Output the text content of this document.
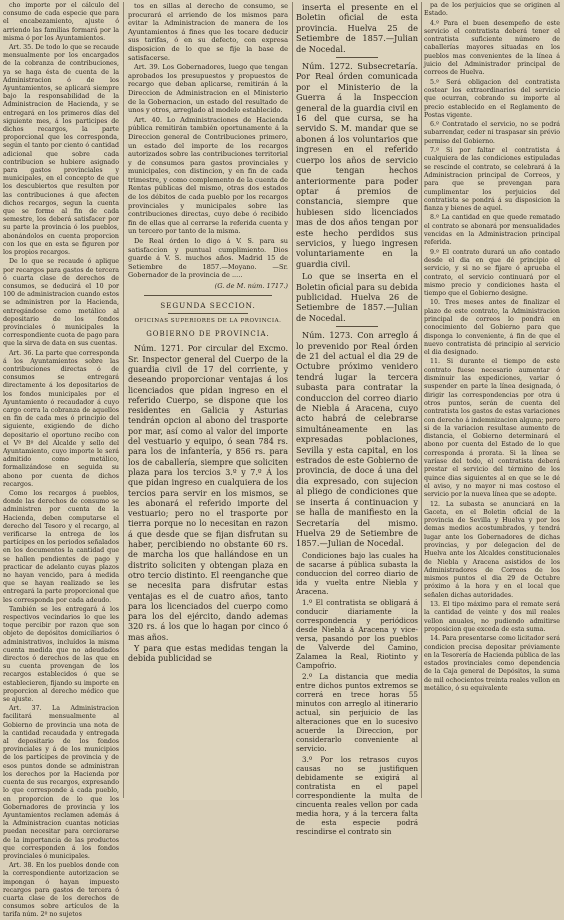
cho importe por el cálculo del consumo de cada especie que para el encabezamiento, ajuste ó arriendo las familias formará por la misma ó por los Ayuntamientos.

Art. 35. De todo lo que se recaude mensualmente por los encargados de la cobranza de contribuciones, ya se haga ésta de cuenta de la Administracion ó de los Ayuntamientos, se aplicará siempre bajo la responsabilidad de la Administracion de Hacienda, y se entregará en los primeros días del siguiente mes, á los participes de dichos recargos, la parte proporcional que les corresponda, según el tanto por ciento ó cantidad adicional que sobre cada contribucion se hubiere asignado para gastos provinciales y municipales, en el concepto de que los descubiertos que resulten por las contribuciones á que afecten dichos recargos, segun la cuenta que se forme al fin de cada semestre, los deberá satisfacer por su parte la provincia ó los pueblos, abonándolos en cuenta proporcion con los que en esta se figuren por los propios recargos.

De lo que se recaude ó aplique por recargos para gastos de tercera ó cuarta clase de derechos de consumos, se deducirá el 10 por 100 de administracion cuando estos se administren por la Hacienda, entregándose como metálico al depositario de los fondos provinciales ó municipales la correspondiente cuota de pago para que la sirva de data en sus cuentas.

Art. 36. La parte que corresponda á los Ayuntamientos sobre las contribuciones directas ó de consumos se entregará directamente á los depositarios de los fondos municipales por el Ayuntamiento ó recaudador á cuyo cargo corra la cobranza de aquellos en fin de cada mes ó principio del siguiente, exigiendo de dicho depositario el oportuno recibo con el Vº Bº del Alcalde y sello del Ayuntamiento, cuyo importe le será admitido como metálico, formalizándose en seguida su abono por cuenta de dichos recargos.

Como los recargos á pueblos, donde las derechos de consumo se administren por cuenta de la Hacienda, deben computarse el derecho del Tesoro y el recargo, al verificarse la entrega de los partícipes en los periodos señalados en los documentos la cantidad que se hallen pendientes de pago y practicar de adelanto cuyas plazos no hayan vencido, para á medida que se hayan realizado se les entregará la parte proporcional que les corresponda por cada adeudo.

También se les entregará á los respectivos vecindarios lo que les toque percibir por razon que son objeto de depósitos domiciliarios ó administrativos, incluídos la misma cuenta medida que no adeudados directos ó derechos de las que en su cuenta provengan de los recargos establecidos ó que se establecieren, fijando su importe en proporcion al derecho médico que se ajuste.

Art. 37. La Administracion facilitará mensualmente al Gobierno de provincia una nota de la cantidad recaudada y entregada al depositario de los fondos provinciales y á de los municipios de los partícipes de provincia y de esos puntos donde se administran los derechos por la Hacienda por cuenta de sus recargos, expresando lo que corresponde á cada pueblo, en proporcion de lo que los Gobernadores de provincia y los Ayuntamientos reclamen además á la Administracion cuantas noticias puedan necesitar para cerciorarse de la importancia de las productos que corresponden á los fondos provinciales ó municipales.

Art. 38. En los pueblos donde con la correspondiente autorizacion se impongan ó hayan impuesto recargos para gastos de tercera ó cuarta clase de los derechos de consumos sobre artículos de la tarifa núm. 2º no sujetos

tos en sillas al derecho de consumo, se procurará el arriendo de los mismos para evitar la Administracion de manera de los Ayuntamientos á fines que les tocare deducir sus tarifas, ó en su defecto, con expresa disposicion de lo que se fije la base de satisfacerse.

Art. 39. Los Gobernadores, luego que tengan aprobados los presupuestos y propuestos de recargo que deban aplicarse, remitirán á la Direccion de Administracion en el Ministerio de la Gobernacion, un estado del resultado de unos y otros, arreglado al modelo establecido.

Art. 40. Lo Administraciones de Hacienda pública remitirán también oportunamente á la Direccion general de Contribuciones primero, un estado del importe de los recargos autorizados sobre las contribuciones territorial y de consumos para gastos provinciales y municipales, con distincion, y en fin de cada trimestre, y como complemento de la cuenta de Rentas públicas del mismo, otras dos estados de los débitos de cada pueblo por los recargos provinciales y municipales sobre las contribuciones directas, cuyo debe ó recibido fin de ellas que al cerrarse la referida cuenta y un tercero por tanto de la misma.

De Real órden lo digo á V. S. para su satisfaccion y puntual cumplimiento. Dios guarde á V. S. muchos años. Madrid 15 de Setiembre de 1857.—Moyano. —Sr. Gobernador de la provincia de .....

(G. de M. núm. 1717.)
SEGUNDA SECCION.
OFICINAS SUPERIORES DE LA PROVINCIA.
GOBIERNO DE PROVINCIA.

Núm. 1271. Por circular del Excmo. Sr. Inspector general del Cuerpo de la guardia civil de 17 del corriente, y deseando proporcionar ventajas á los licenciados que pidan ingreso en el referido Cuerpo, se dispone que los residentes en Galicia y Asturias tendrán opcion al abono del trasporte por mar, así como al valor del importe del vestuario y equipo, ó sean 784 rs. para los de infantería, y 856 rs. para los de caballería, siempre que soliciten plaza para los tercios 3.º y 7.º Á los que pidan ingreso en cualquiera de los tercios para servir en los mismos, se les abonará el referido importe del vestuario; pero no el trasporte por tierra porque no lo necesitan en razon á que desde que se fijan disfrutan su haber, percibiendo no obstante 60 rs. de marcha los que hallándose en un distrito soliciten y obtengan plaza en otro tercio distinto. El reenganche que se necesita para disfrutar estas ventajas es el de cuatro años, tanto para los licenciados del cuerpo como para los del ejército, dando ademas 320 rs. á los que lo hagan por cinco ó mas años.

Y para que estas medidas tengan la debida publicidad se

inserta el presente en el Boletin oficial de esta provincia. Huelva 25 de Setiembre de 1857.—Julian de Nocedal.

Núm. 1272. Subsecretaría. Por Real órden comunicada por el Ministerio de la Guerra á la Inspeccion general de la guardia civil en 16 del que cursa, se ha servido S. M. mandar que se abonen á los voluntarios que ingresen en el referido cuerpo los años de servicio que tengan hechos anteriormente para poder optar á premios de constancia, siempre que hubiesen sido licenciados mas de dos años tengan por este hecho perdidos sus servicios, y luego ingresen voluntariamente en la guardia civil.

Lo que se inserta en el Boletin oficial para su debida publicidad. Huelva 26 de Setiembre de 1857.—Julian de Nocedal.

Núm. 1273. Con arreglo á lo prevenido por Real órden de 21 del actual el dia 29 de Octubre próximo venidero tendrá lugar la tercera subasta para contratar la conduccion del correo diario de Niebla á Aracena, cuyo acto habrá de celebrarse simultáneamente en las expresadas poblaciones, Sevilla y esta capital, en los estrados de este Gobierno de provincia, de doce á una del dia expresado, con sujecion al pliego de condiciones que se inserta á continuacion y se halla de manifiesto en la Secretaría del mismo. Huelva 29 de Setiembre de 1857.—Julian de Nocedal.

Condiciones bajo las cuales ha de sacarse á pública subasta la conduccion del correo diario de ida y vuelta entre Niebla y Aracena.

1.º El contratista se obligará á conducir diariamente la correspondencia y periódicos desde Niebla á Aracena y vice-versa, pasando por los pueblos de Valverde del Camino, Zalamea la Real, Riotinto y Campofrio.

2.º La distancia que media entre dichos puntos extremos se correrá en trece horas 55 minutos con arreglo al itinerario actual, sin perjuicio de las alteraciones que en lo sucesivo acuerde la Direccion, por considerarlo conveniente al servicio.

3.º Por los retrasos cuyos causas no se justifiquen debidamente se exigirá al contratista en el papel correspondiente la multa de cincuenta reales vellon por cada media hora, y á la tercera falta de esta especie podrá rescindirse el contrato sin

pa de los perjuicios que se originen al Estado.
4.º Para el buen desempeño de este servicio el contratista deberá tener el contratista suficiente número de caballerías mayores situadas en los pueblos mas convenientes de la línea á juicio del Administrador principal de correos de Huelva.
5.º Será obligacion del contratista costear los extraordinarios del servicio que ocurran, cobrando su importe al precio establecido en el Reglamento de Postas vigente.
6.º Contratado el servicio, no se podrá subarrendar, ceder ni traspasar sin prévio permiso del Gobierno.
7.º Si por faltar el contratista á cualquiera de las condiciones estipuladas se rescinde el contrato, se celebrará á la Administracion principal de Correos, y para que se prevengan para cumplimentar los perjuicios del contratista se pondrá á su disposicion la fianza y bienes de aquel.
8.º La cantidad en que quede rematado el contrato se abonará por mensualidades vencidas en la Administracion principal referida.
9.º El contrato durará un año contado desde el dia en que dé principio el servicio, y si no se fijare ó aprueba el contrato, el servicio continuará por el mismo precio y condiciones hasta el tiempo que el Gobierno designe.
10. Tres meses antes de finalizar el plazo de este contrato, la Administracion principal de correos lo pondrá en conocimiento del Gobierno para que disponga lo conveniente, á fin de que el nuevo contratista dé principio al servicio el dia designado.
11. Si durante el tiempo de este contrato fuese necesario aumentar ó disminuir las expediciones, variar ó suspender en parte la línea designada, ó dirigir las correspondencias por otra ú otros puntos, serán de cuenta del contratista los gastos de estas variaciones con derecho á indemnizacion alguna; pero si de la variacion resultase aumento de distancia, el Gobierno determinará el abono por cuenta del Estado de lo que corresponda á prorata. Si la línea se varíase del todo, el contratista deberá prestar el servicio del término de los quince dias siguientes al en que se le dé el aviso, y no mayor ni mas costoso el servicio por la nueva línea que se adopte.
12. La subasta se anunciará en la Gaceta, en el Boletin oficial de la provincia de Sevilla y Huelva y por los demas medios acostumbrados, y tendrá lugar ante los Gobernadores de dichas provincias, y por delegacion del de Huelva ante los Alcaldes constitucionales de Niebla y Aracena asistidos de los Administradores de Correos de los mismos puntos el dia 29 de Octubre próximo á la hora y en el local que señalen dichas autoridades.
13. El tipo máximo para el remate será la cantidad de veinte y dos mil reales vellon anuales, no pudiendo admitirse proposicion que exceda de esta suma.
14. Para presentarse como licitador será condicion precisa depositar préviamente en la Tesorería de Hacienda pública de las estados provinciales como dependencia de la Caja general de Depósitos, la suma de mil ochocientos treinta reales vellon en metálico, ó su equivalente
